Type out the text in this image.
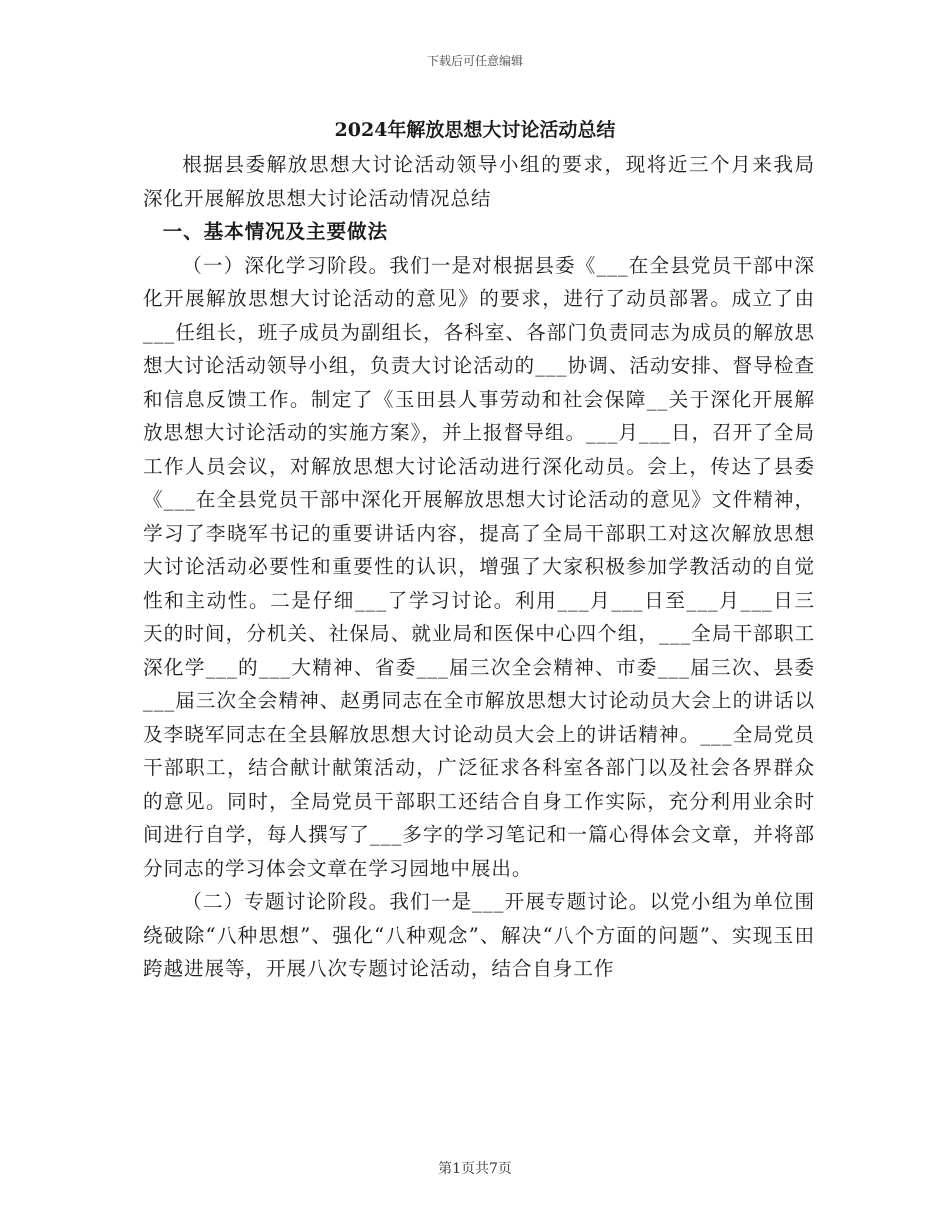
下载后可任意编辑
2024年解放思想大讨论活动总结

根据县委解放思想大讨论活动领导小组的要求，现将近三个月来我局深化开展解放思想大讨论活动情况总结

一、基本情况及主要做法

（一）深化学习阶段。我们一是对根据县委《___在全县党员干部中深化开展解放思想大讨论活动的意见》的要求，进行了动员部署。成立了由___任组长，班子成员为副组长，各科室、各部门负责同志为成员的解放思想大讨论活动领导小组，负责大讨论活动的___协调、活动安排、督导检查和信息反馈工作。制定了《玉田县人事劳动和社会保障__关于深化开展解放思想大讨论活动的实施方案》，并上报督导组。___月___日，召开了全局工作人员会议，对解放思想大讨论活动进行深化动员。会上，传达了县委《___在全县党员干部中深化开展解放思想大讨论活动的意见》文件精神，学习了李晓军书记的重要讲话内容，提高了全局干部职工对这次解放思想大讨论活动必要性和重要性的认识，增强了大家积极参加学教活动的自觉性和主动性。二是仔细___了学习讨论。利用___月___日至___月___日三天的时间，分机关、社保局、就业局和医保中心四个组，___全局干部职工深化学___的___大精神、省委___届三次全会精神、市委___届三次、县委___届三次全会精神、赵勇同志在全市解放思想大讨论动员大会上的讲话以及李晓军同志在全县解放思想大讨论动员大会上的讲话精神。___全局党员干部职工，结合献计献策活动，广泛征求各科室各部门以及社会各界群众的意见。同时，全局党员干部职工还结合自身工作实际，充分利用业余时间进行自学，每人撰写了___多字的学习笔记和一篇心得体会文章，并将部分同志的学习体会文章在学习园地中展出。

（二）专题讨论阶段。我们一是___开展专题讨论。以党小组为单位围绕破除“八种思想”、强化“八种观念”、解决“八个方面的问题”、实现玉田跨越进展等，开展八次专题讨论活动，结合自身工作

第1页共7页
